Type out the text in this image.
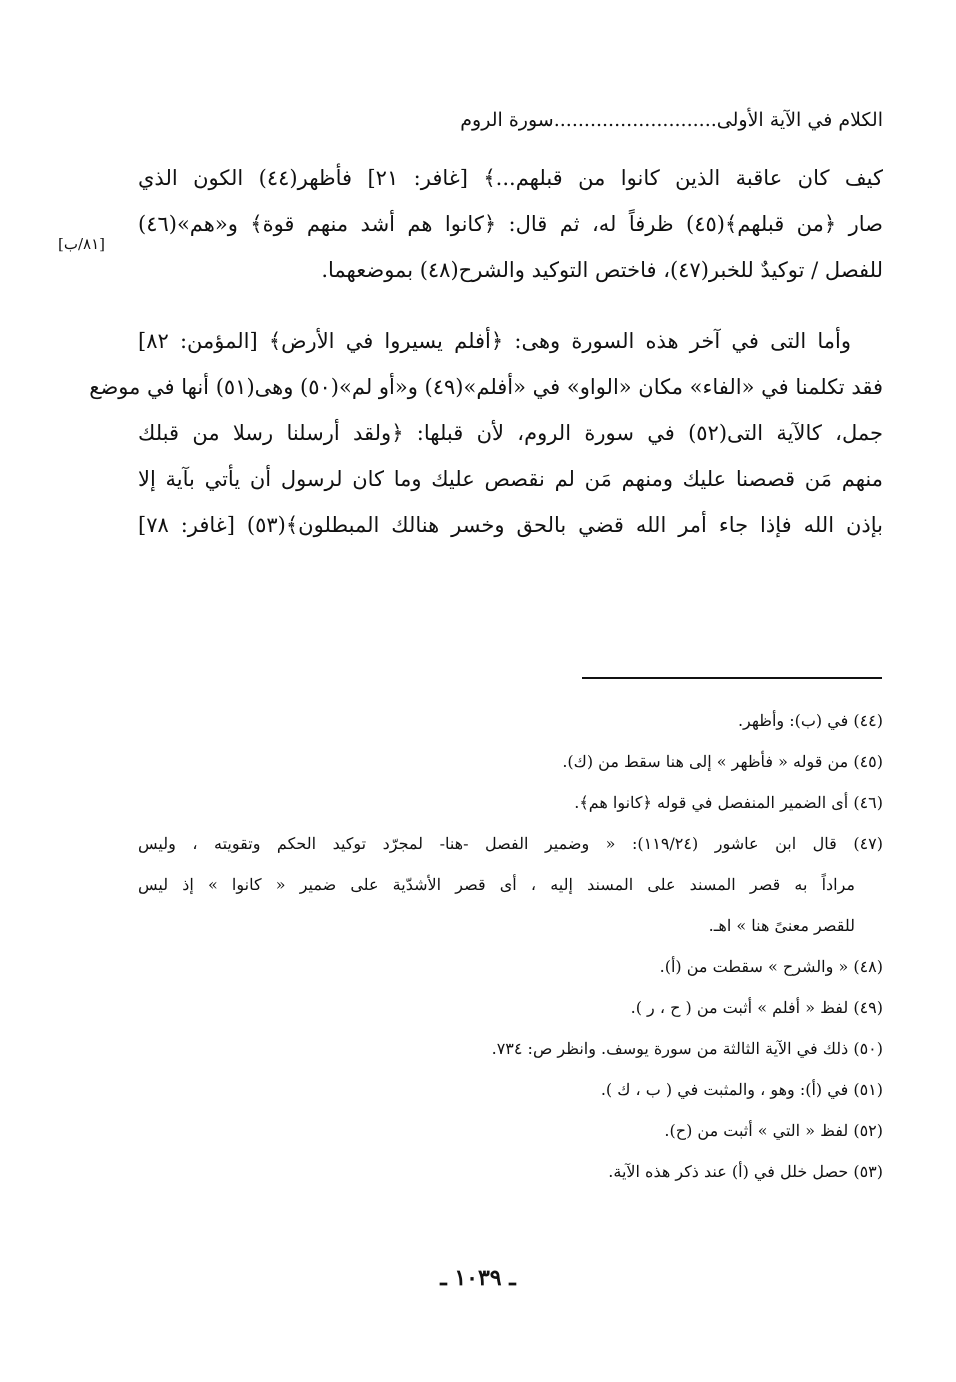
الكلام في الآية الأولى...........................سورة الروم
[٨١/ب]
كيف كان عاقبة الذين كانوا من قبلهم...﴾ [غافر: ٢١] فأظهر(٤٤) الكون الذي
صار ﴿من قبلهم﴾(٤٥) ظرفاً له، ثم قال: ﴿كانوا هم أشد منهم قوة﴾ و«هم»(٤٦)
للفصل / توكيدٌ للخبر(٤٧)، فاختص التوكيد والشرح(٤٨) بموضعهما.
وأما التى في آخر هذه السورة وهى: ﴿أفلم يسيروا في الأرض﴾ [المؤمن: ٨٢]
فقد تكلمنا في «الفاء» مكان «الواو» في «أفلم»(٤٩) و«أو لم»(٥٠) وهى(٥١) أنها في موضع
جمل، كالآية التى(٥٢) في سورة الروم، لأن قبلها: ﴿ولقد أرسلنا رسلا من قبلك
منهم مَن قصصنا عليك ومنهم مَن لم نقصص عليك وما كان لرسول أن يأتي بآية إلا
بإذن الله فإذا جاء أمر الله قضي بالحق وخسر هنالك المبطلون﴾(٥٣) [غافر: ٧٨]
(٤٤) في (ب): وأظهر.
(٤٥) من قوله « فأظهر » إلى هنا سقط من (ك).
(٤٦) أى الضمير المنفصل في قوله ﴿كانوا هم﴾.
(٤٧) قال ابن عاشور (١١٩/٢٤): « وضمير الفصل -هنا- لمجرّد توكيد الحكم وتقويته ، وليس
مراداً به قصر المسند على المسند إليه ، أى قصر الأشدّية على ضمير « كانوا » إذ ليس
للقصر معنىً هنا » اهـ.
(٤٨) « والشرح » سقطت من (أ).
(٤٩) لفظ « أفلم » أثبت من ( ح ، ر ).
(٥٠) ذلك في الآية الثالثة من سورة يوسف. وانظر ص: ٧٣٤.
(٥١) في (أ): وهو ، والمثبت في ( ب ، ك ).
(٥٢) لفظ « التي » أثبت من (ح).
(٥٣) حصل خلل في (أ) عند ذكر هذه الآية.
ـ ١٠٣٩ ـ
